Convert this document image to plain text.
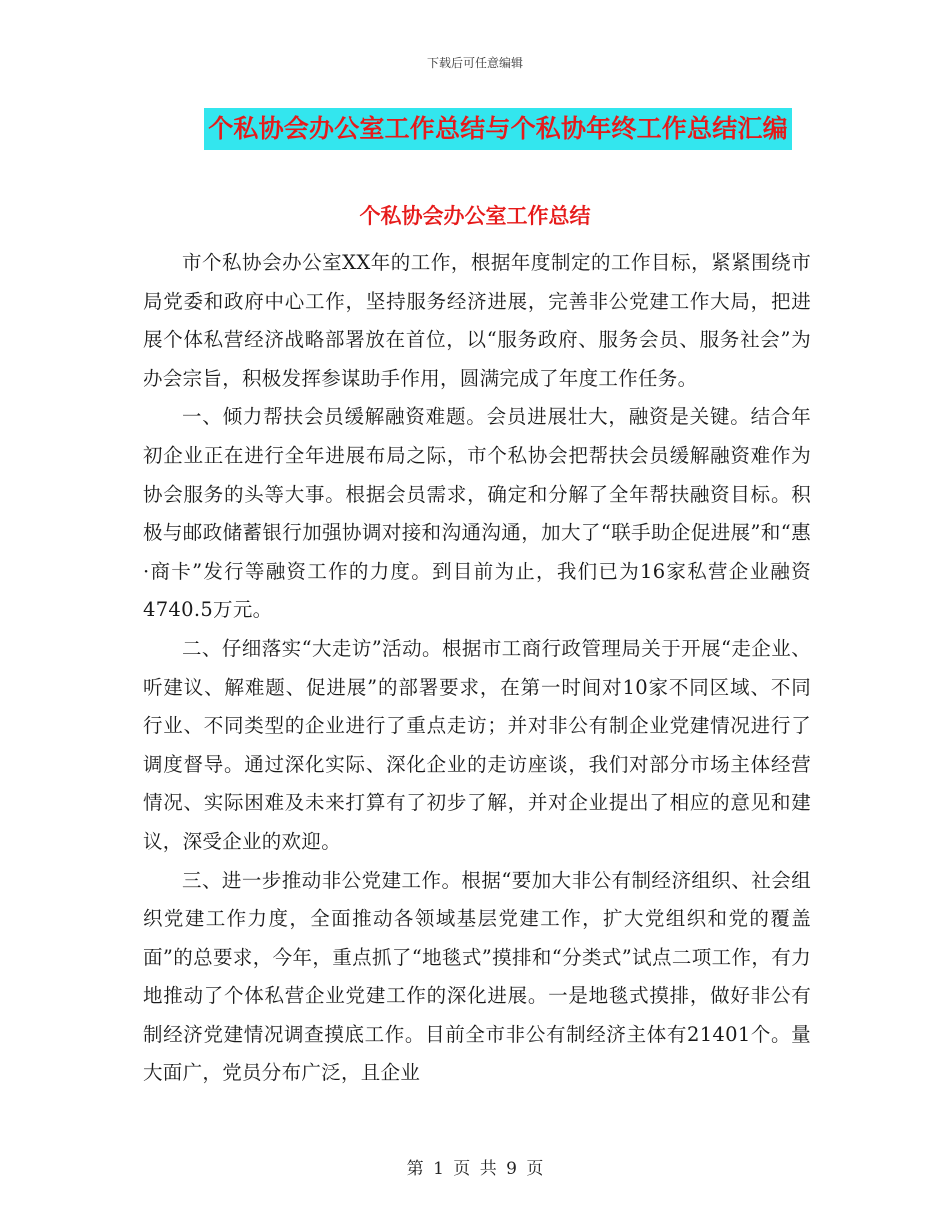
下载后可任意编辑
个私协会办公室工作总结与个私协年终工作总结汇编
个私协会办公室工作总结

市个私协会办公室XX年的工作，根据年度制定的工作目标，紧紧围绕市局党委和政府中心工作，坚持服务经济进展，完善非公党建工作大局，把进展个体私营经济战略部署放在首位，以“服务政府、服务会员、服务社会”为办会宗旨，积极发挥参谋助手作用，圆满完成了年度工作任务。

一、倾力帮扶会员缓解融资难题。会员进展壮大，融资是关键。结合年初企业正在进行全年进展布局之际，市个私协会把帮扶会员缓解融资难作为协会服务的头等大事。根据会员需求，确定和分解了全年帮扶融资目标。积极与邮政储蓄银行加强协调对接和沟通沟通，加大了“联手助企促进展”和“惠·商卡”发行等融资工作的力度。到目前为止，我们已为16家私营企业融资4740.5万元。

二、仔细落实“大走访”活动。根据市工商行政管理局关于开展“走企业、听建议、解难题、促进展”的部署要求，在第一时间对10家不同区域、不同行业、不同类型的企业进行了重点走访；并对非公有制企业党建情况进行了调度督导。通过深化实际、深化企业的走访座谈，我们对部分市场主体经营情况、实际困难及未来打算有了初步了解，并对企业提出了相应的意见和建议，深受企业的欢迎。

三、进一步推动非公党建工作。根据“要加大非公有制经济组织、社会组织党建工作力度，全面推动各领域基层党建工作，扩大党组织和党的覆盖面”的总要求，今年，重点抓了“地毯式”摸排和“分类式”试点二项工作，有力地推动了个体私营企业党建工作的深化进展。一是地毯式摸排，做好非公有制经济党建情况调查摸底工作。目前全市非公有制经济主体有21401个。量大面广，党员分布广泛，且企业

第 1 页 共 9 页
